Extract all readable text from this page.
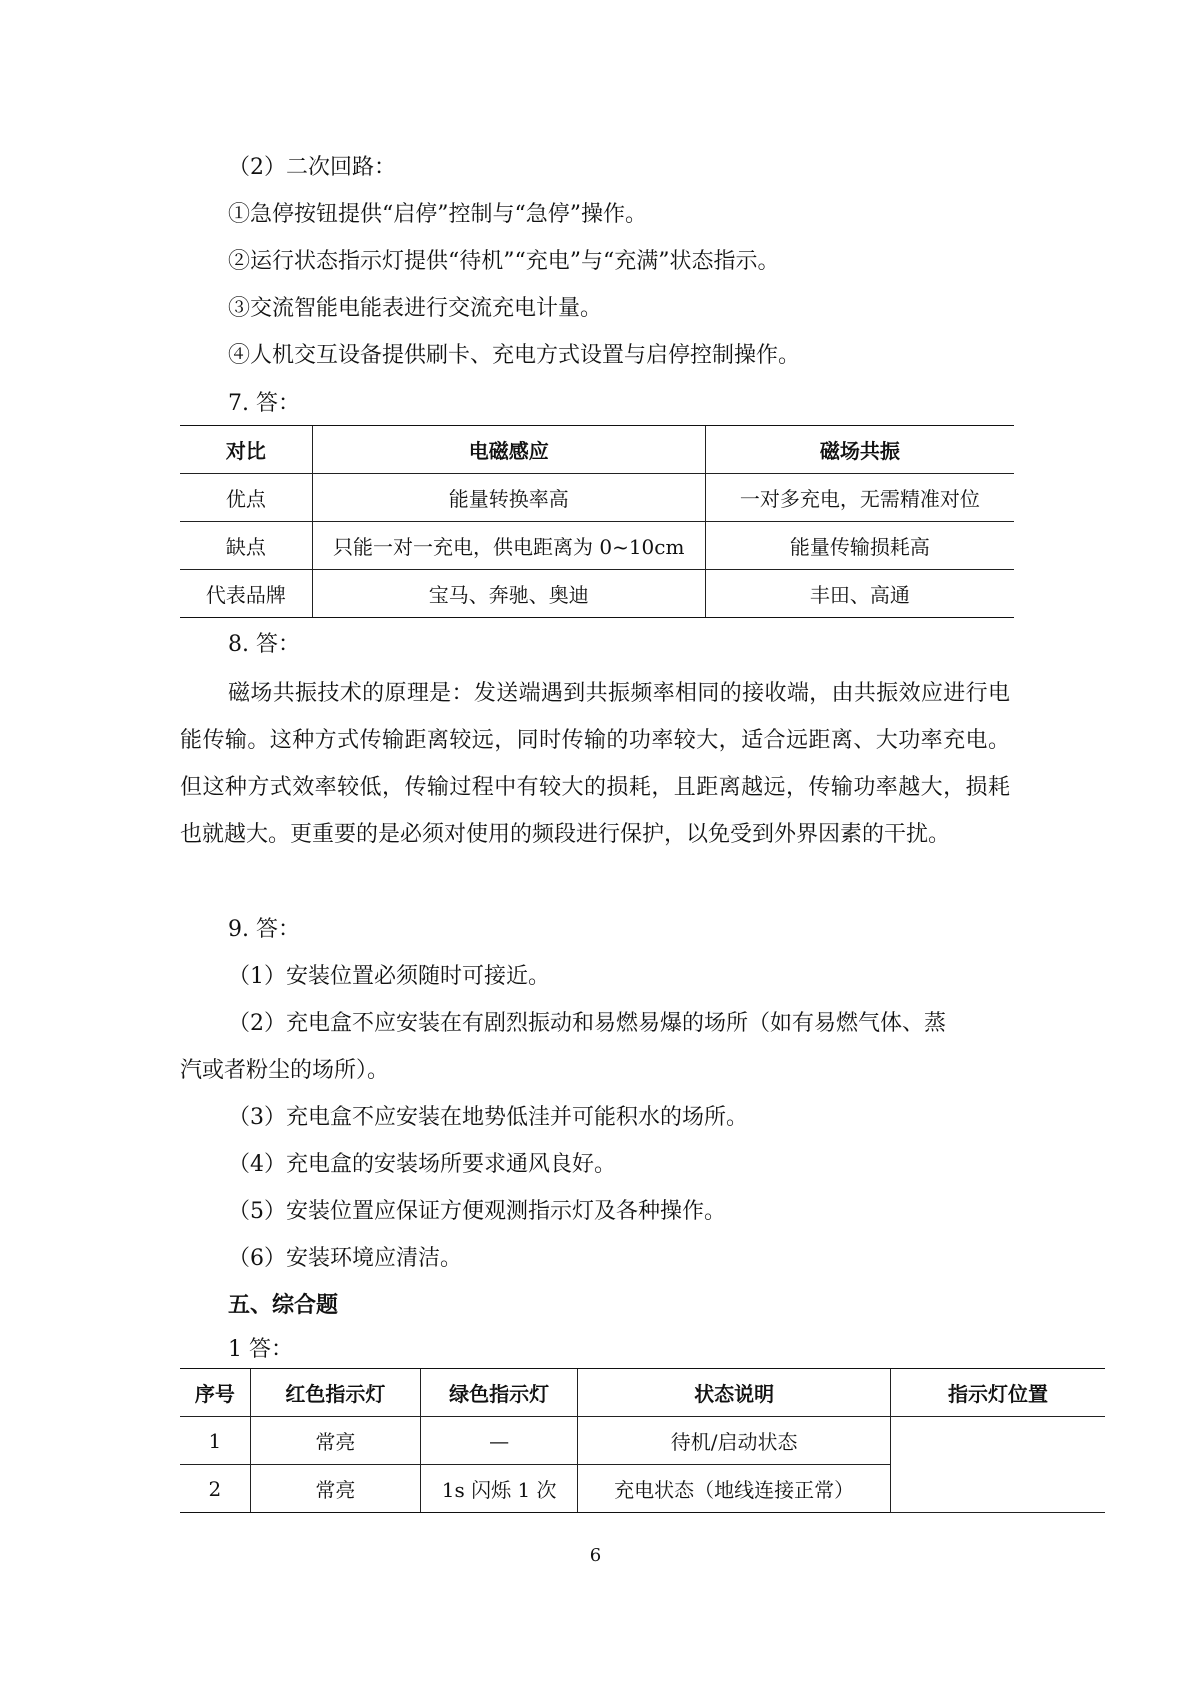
（2）二次回路：
①急停按钮提供“启停”控制与“急停”操作。
②运行状态指示灯提供“待机”“充电”与“充满”状态指示。
③交流智能电能表进行交流充电计量。
④人机交互设备提供刷卡、充电方式设置与启停控制操作。
7. 答：
对比	电磁感应	磁场共振
优点	能量转换率高	一对多充电，无需精准对位
缺点	只能一对一充电，供电距离为 0~10cm	能量传输损耗高
代表品牌	宝马、奔驰、奥迪	丰田、高通
8. 答：
磁场共振技术的原理是：发送端遇到共振频率相同的接收端，由共振效应进行电能传输。这种方式传输距离较远，同时传输的功率较大，适合远距离、大功率充电。但这种方式效率较低，传输过程中有较大的损耗，且距离越远，传输功率越大，损耗也就越大。更重要的是必须对使用的频段进行保护，以免受到外界因素的干扰。
9. 答：
（1）安装位置必须随时可接近。
（2）充电盒不应安装在有剧烈振动和易燃易爆的场所（如有易燃气体、蒸
汽或者粉尘的场所）。
（3）充电盒不应安装在地势低洼并可能积水的场所。
（4）充电盒的安装场所要求通风良好。
（5）安装位置应保证方便观测指示灯及各种操作。
（6）安装环境应清洁。
五、综合题
1 答：
序号	红色指示灯	绿色指示灯	状态说明	指示灯位置
1	常亮	—	待机/启动状态	
2	常亮	1s 闪烁 1 次	充电状态（地线连接正常）	
6
